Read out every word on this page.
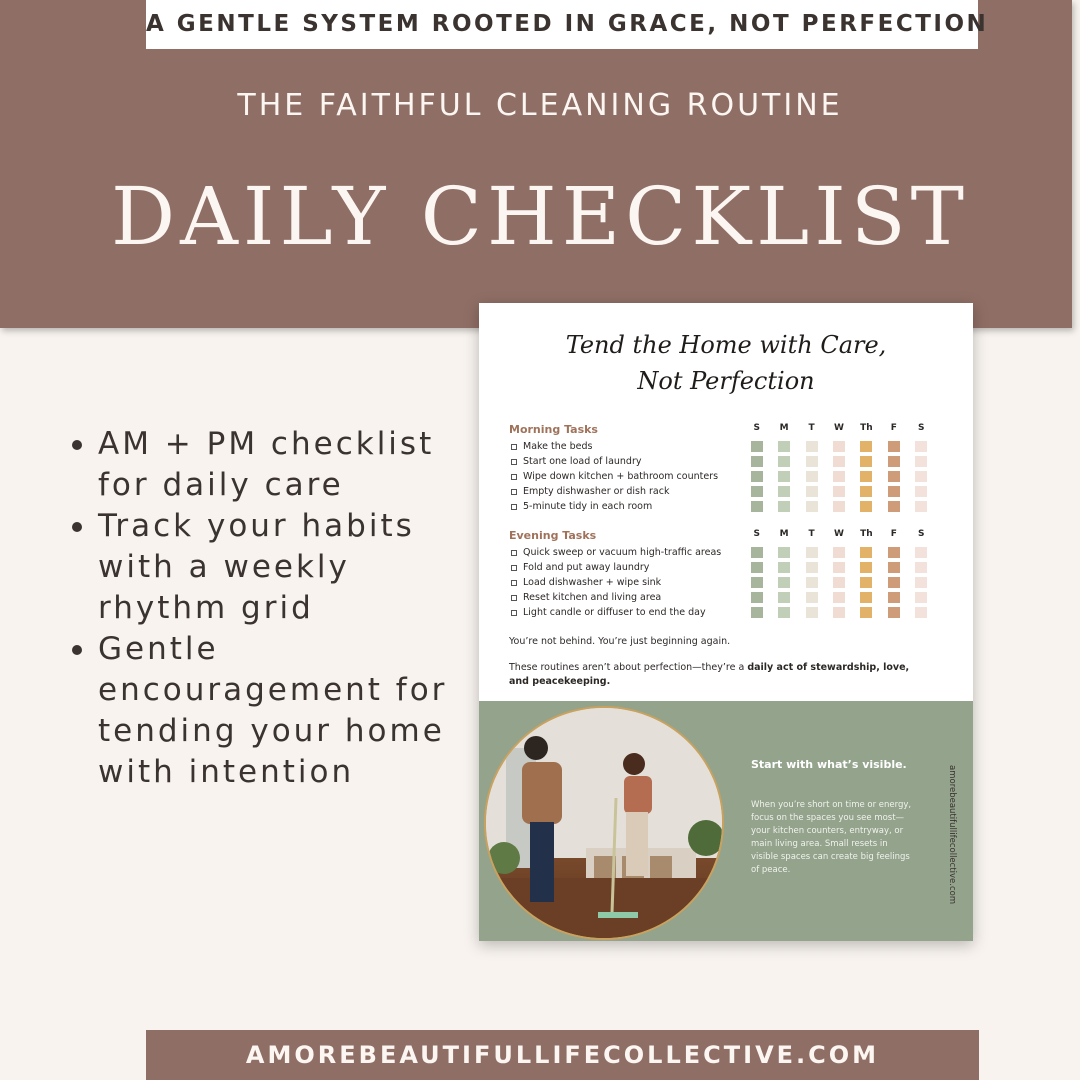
A GENTLE SYSTEM ROOTED IN GRACE, NOT PERFECTION
THE FAITHFUL CLEANING ROUTINE
DAILY CHECKLIST
AM + PM checklist for daily care
Track your habits with a weekly rhythm grid
Gentle encouragement for tending your home with intention
Tend the Home with Care,
Not Perfection
Morning Tasks	S	M	T	W	Th	F	S
Make the beds
Start one load of laundry
Wipe down kitchen + bathroom counters
Empty dishwasher or dish rack
5-minute tidy in each room
Evening Tasks	S	M	T	W	Th	F	S
Quick sweep or vacuum high-traffic areas
Fold and put away laundry
Load dishwasher + wipe sink
Reset kitchen and living area
Light candle or diffuser to end the day
You’re not behind. You’re just beginning again.
These routines aren’t about perfection—they’re a daily act of stewardship, love, and peacekeeping.
Start with what’s visible.
When you’re short on time or energy, focus on the spaces you see most—your kitchen counters, entryway, or main living area. Small resets in visible spaces can create big feelings of peace.	amorebeautifullifecollective.com
AMOREBEAUTIFULLIFECOLLECTIVE.COM
